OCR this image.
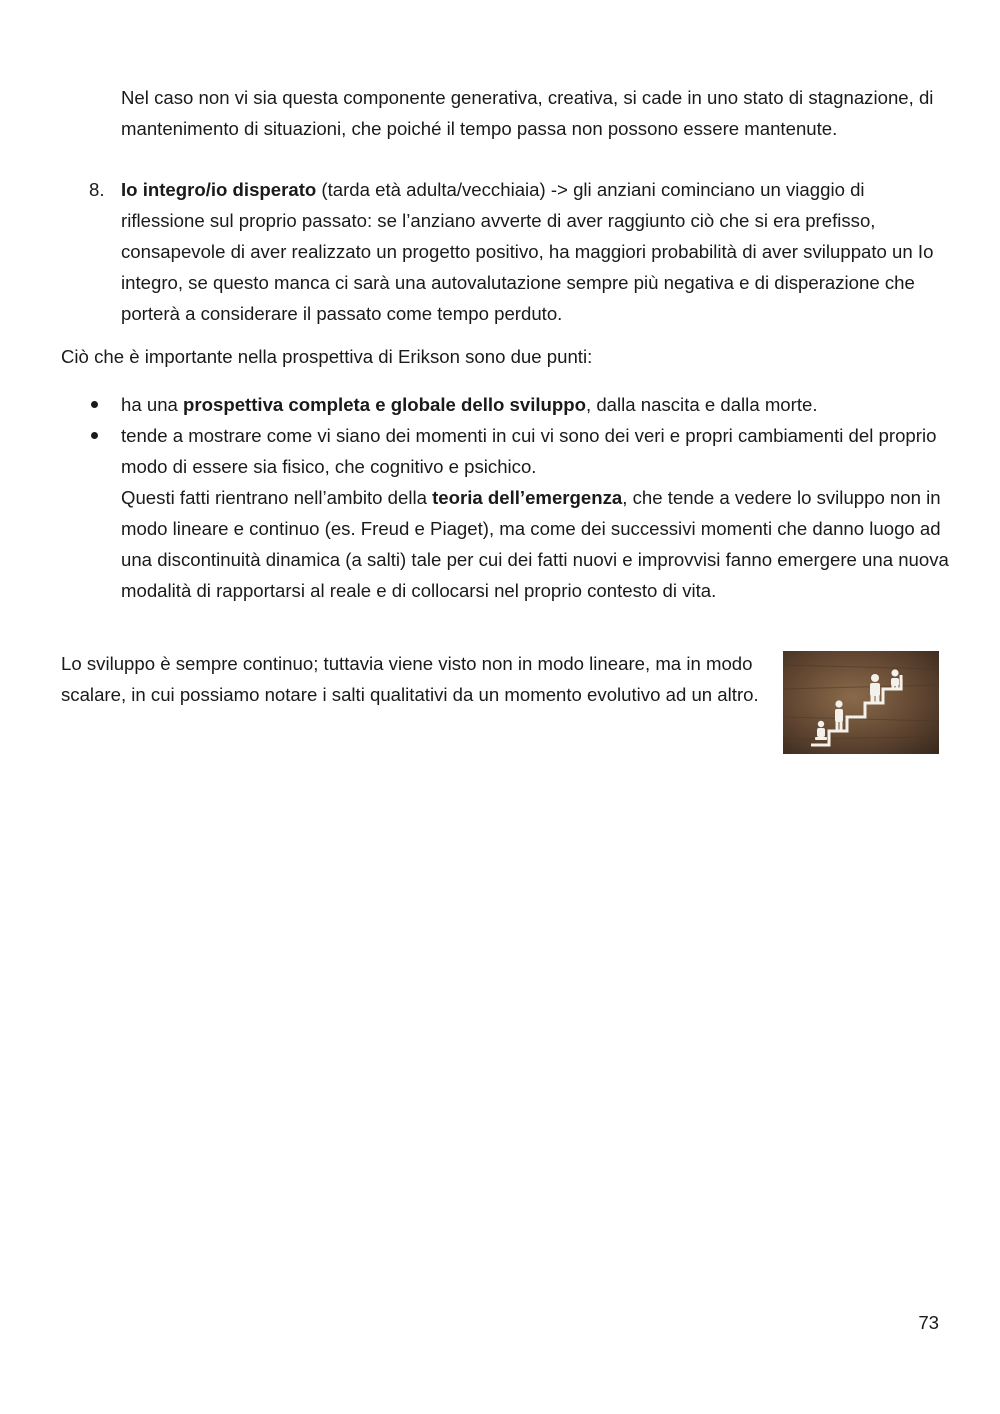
Nel caso non vi sia questa componente generativa, creativa, si cade in uno stato di stagnazione, di mantenimento di situazioni, che poiché il tempo passa non possono essere mantenute.

8. Io integro/io disperato (tarda età adulta/vecchiaia) -> gli anziani cominciano un viaggio di riflessione sul proprio passato: se l’anziano avverte di aver raggiunto ciò che si era prefisso, consapevole di aver realizzato un progetto positivo, ha maggiori probabilità di aver sviluppato un Io integro, se questo manca ci sarà una autovalutazione sempre più negativa e di disperazione che porterà a considerare il passato come tempo perduto.

Ciò che è importante nella prospettiva di Erikson sono due punti:

ha una prospettiva completa e globale dello sviluppo, dalla nascita e dalla morte.

tende a mostrare come vi siano dei momenti in cui vi sono dei veri e propri cambiamenti del proprio modo di essere sia fisico, che cognitivo e psichico.

Questi fatti rientrano nell’ambito della teoria dell’emergenza, che tende a vedere lo sviluppo non in modo lineare e continuo (es. Freud e Piaget), ma come dei successivi momenti che danno luogo ad una discontinuità dinamica (a salti) tale per cui dei fatti nuovi e improvvisi fanno emergere una nuova modalità di rapportarsi al reale e di collocarsi nel proprio contesto di vita.

Lo sviluppo è sempre continuo; tuttavia viene visto non in modo lineare, ma in modo scalare, in cui possiamo notare i salti qualitativi da un momento evolutivo ad un altro.

73
